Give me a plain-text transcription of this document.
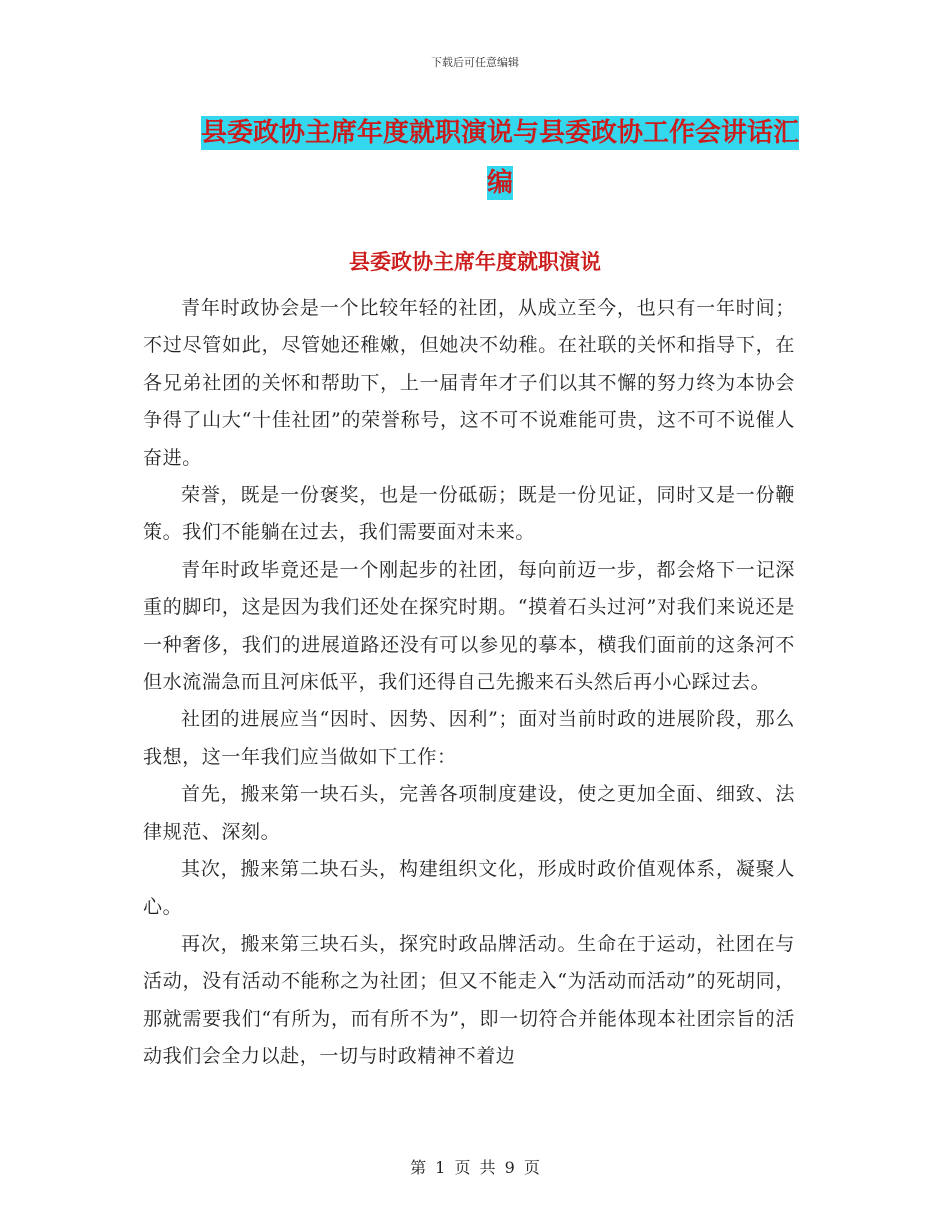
下载后可任意编辑
县委政协主席年度就职演说与县委政协工作会讲话汇编
县委政协主席年度就职演说

青年时政协会是一个比较年轻的社团，从成立至今，也只有一年时间；不过尽管如此，尽管她还稚嫩，但她决不幼稚。在社联的关怀和指导下，在各兄弟社团的关怀和帮助下，上一届青年才子们以其不懈的努力终为本协会争得了山大“十佳社团”的荣誉称号，这不可不说难能可贵，这不可不说催人奋进。

荣誉，既是一份褒奖，也是一份砥砺；既是一份见证，同时又是一份鞭策。我们不能躺在过去，我们需要面对未来。

青年时政毕竟还是一个刚起步的社团，每向前迈一步，都会烙下一记深重的脚印，这是因为我们还处在探究时期。“摸着石头过河”对我们来说还是一种奢侈，我们的进展道路还没有可以参见的摹本，横我们面前的这条河不但水流湍急而且河床低平，我们还得自己先搬来石头然后再小心踩过去。

社团的进展应当“因时、因势、因利”；面对当前时政的进展阶段，那么我想，这一年我们应当做如下工作：

首先，搬来第一块石头，完善各项制度建设，使之更加全面、细致、法律规范、深刻。

其次，搬来第二块石头，构建组织文化，形成时政价值观体系，凝聚人心。

再次，搬来第三块石头，探究时政品牌活动。生命在于运动，社团在与活动，没有活动不能称之为社团；但又不能走入“为活动而活动”的死胡同，那就需要我们“有所为，而有所不为”，即一切符合并能体现本社团宗旨的活动我们会全力以赴，一切与时政精神不着边

第 1 页 共 9 页
